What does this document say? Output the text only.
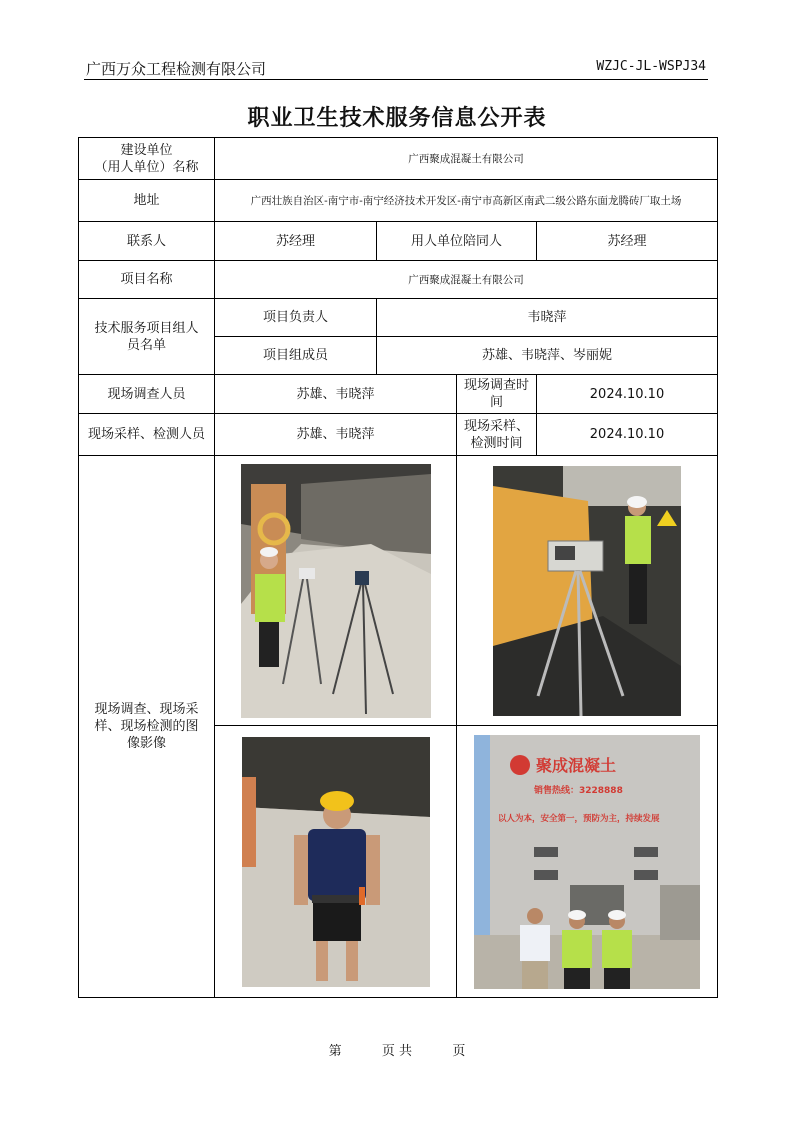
广西万众工程检测有限公司	WZJC-JL-WSPJ34
职业卫生技术服务信息公开表
建设单位
（用人单位）名称	广西聚成混凝土有限公司			
地址	广西壮族自治区-南宁市-南宁经济技术开发区-南宁市高新区南武二级公路东面龙腾砖厂取土场			
联系人	苏经理	用人单位陪同人		苏经理
项目名称	广西聚成混凝土有限公司			
技术服务项目组人员名单	项目负责人	韦晓萍		
	项目组成员	苏雄、韦晓萍、岑丽妮		
现场调查人员	苏雄、韦晓萍		现场调查时间	2024.10.10
现场采样、检测人员	苏雄、韦晓萍		现场采样、检测时间	2024.10.10
现场调查、现场采样、现场检测的图像影像	

聚成混凝土
销售热线：3228888
以人为本，安全第一，预防为主，持续发展	
第	页 共	页
